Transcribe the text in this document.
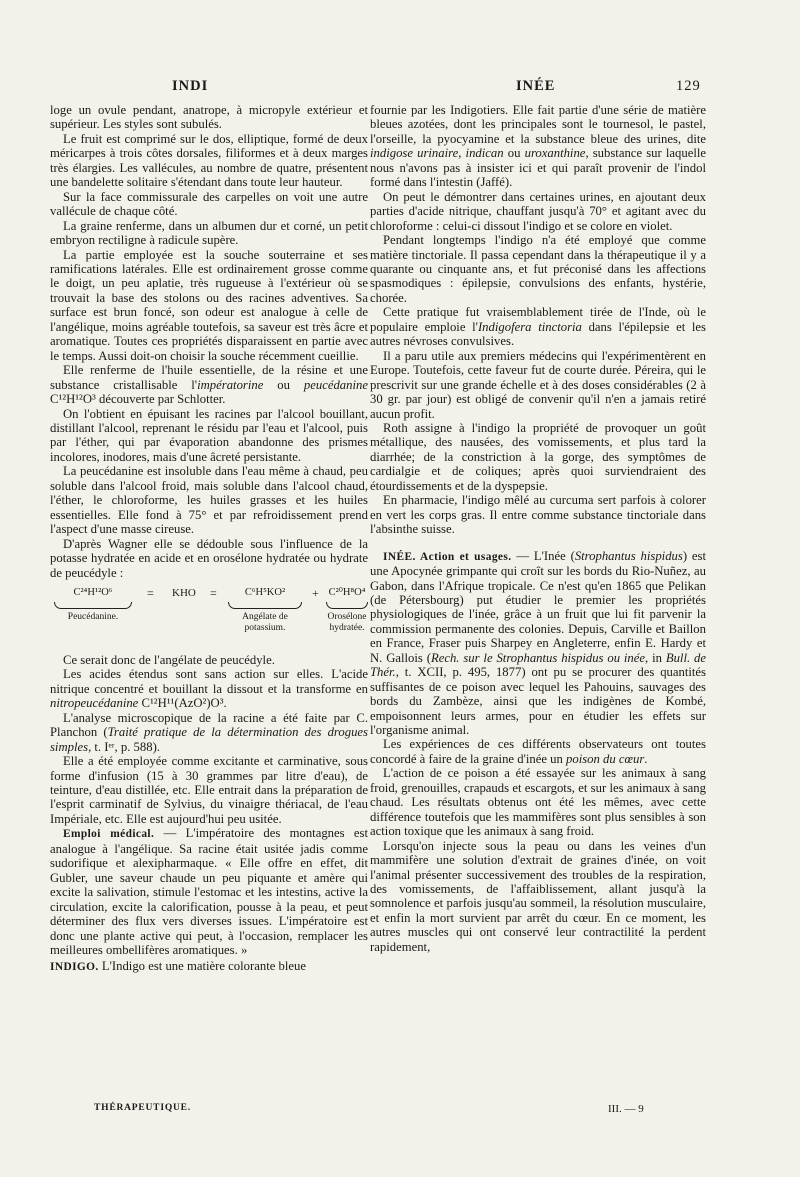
INDI	INÉE	129

loge un ovule pendant, anatrope, à micropyle extérieur et supérieur. Les styles sont subulés.

Le fruit est comprimé sur le dos, elliptique, formé de deux méricarpes à trois côtes dorsales, filiformes et à deux marges très élargies. Les vallécules, au nombre de quatre, présentent une bandelette solitaire s'étendant dans toute leur hauteur.

Sur la face commissurale des carpelles on voit une autre vallécule de chaque côté.

La graine renferme, dans un albumen dur et corné, un petit embryon rectiligne à radicule supère.

La partie employée est la souche souterraine et ses ramifications latérales. Elle est ordinairement grosse comme le doigt, un peu aplatie, très rugueuse à l'extérieur où se trouvait la base des stolons ou des racines adventives. Sa surface est brun foncé, son odeur est analogue à celle de l'angélique, moins agréable toutefois, sa saveur est très âcre et aromatique. Toutes ces propriétés disparaissent en partie avec le temps. Aussi doit-on choisir la souche récemment cueillie.

Elle renferme de l'huile essentielle, de la résine et une substance cristallisable l'impératorine ou peucédanine C¹²H¹²O³ découverte par Schlotter.

On l'obtient en épuisant les racines par l'alcool bouillant, distillant l'alcool, reprenant le résidu par l'eau et l'alcool, puis par l'éther, qui par évaporation abandonne des prismes incolores, inodores, mais d'une âcreté persistante.

La peucédanine est insoluble dans l'eau même à chaud, peu soluble dans l'alcool froid, mais soluble dans l'alcool chaud, l'éther, le chloroforme, les huiles grasses et les huiles essentielles. Elle fond à 75° et par refroidissement prend l'aspect d'une masse cireuse.

D'après Wagner elle se dédouble sous l'influence de la potasse hydratée en acide et en orosélone hydratée ou hydrate de peucédyle :

C²⁴H¹²O⁶
Peucédanine.
= KHO =	C⁶H⁵KO²
Angélate de potassium.
+ C²⁰H⁸O⁴
Orosélone hydratée.

Ce serait donc de l'angélate de peucédyle.

Les acides étendus sont sans action sur elles. L'acide nitrique concentré et bouillant la dissout et la transforme en nitropeucédanine C¹²H¹¹(AzO²)O³.

L'analyse microscopique de la racine a été faite par C. Planchon (Traité pratique de la détermination des drogues simples, t. Iᵉʳ, p. 588).

Elle a été employée comme excitante et carminative, sous forme d'infusion (15 à 30 grammes par litre d'eau), de teinture, d'eau distillée, etc. Elle entrait dans la préparation de l'esprit carminatif de Sylvius, du vinaigre thériacal, de l'eau Impériale, etc. Elle est aujourd'hui peu usitée.

Emploi médical. — L'impératoire des montagnes est analogue à l'angélique. Sa racine était usitée jadis comme sudorifique et alexipharmaque. « Elle offre en effet, dit Gubler, une saveur chaude un peu piquante et amère qui excite la salivation, stimule l'estomac et les intestins, active la circulation, excite la calorification, pousse à la peau, et peut déterminer des flux vers diverses issues. L'impératoire est donc une plante active qui peut, à l'occasion, remplacer les meilleures ombellifères aromatiques. »

INDIGO. L'Indigo est une matière colorante bleue

fournie par les Indigotiers. Elle fait partie d'une série de matière bleues azotées, dont les principales sont le tournesol, le pastel, l'orseille, la pyocyamine et la substance bleue des urines, dite indigose urinaire, indican ou uroxanthine, substance sur laquelle nous n'avons pas à insister ici et qui paraît provenir de l'indol formé dans l'intestin (Jaffé).

On peut le démontrer dans certaines urines, en ajoutant deux parties d'acide nitrique, chauffant jusqu'à 70° et agitant avec du chloroforme : celui-ci dissout l'indigo et se colore en violet.

Pendant longtemps l'indigo n'a été employé que comme matière tinctoriale. Il passa cependant dans la thérapeutique il y a quarante ou cinquante ans, et fut préconisé dans les affections spasmodiques : épilepsie, convulsions des enfants, hystérie, chorée.

Cette pratique fut vraisemblablement tirée de l'Inde, où le populaire emploie l'Indigofera tinctoria dans l'épilepsie et les autres névroses convulsives.

Il a paru utile aux premiers médecins qui l'expérimentèrent en Europe. Toutefois, cette faveur fut de courte durée. Péreira, qui le prescrivit sur une grande échelle et à des doses considérables (2 à 30 gr. par jour) est obligé de convenir qu'il n'en a jamais retiré aucun profit.

Roth assigne à l'indigo la propriété de provoquer un goût métallique, des nausées, des vomissements, et plus tard la diarrhée; de la constriction à la gorge, des symptômes de cardialgie et de coliques; après quoi surviendraient des étourdissements et de la dyspepsie.

En pharmacie, l'indigo mêlé au curcuma sert parfois à colorer en vert les corps gras. Il entre comme substance tinctoriale dans l'absinthe suisse.

INÉE. Action et usages. — L'Inée (Strophantus hispidus) est une Apocynée grimpante qui croît sur les bords du Rio-Nuñez, au Gabon, dans l'Afrique tropicale. Ce n'est qu'en 1865 que Pelikan (de Pétersbourg) put étudier le premier les propriétés physiologiques de l'inée, grâce à un fruit que lui fit parvenir la commission permanente des colonies. Depuis, Carville et Baillon en France, Fraser puis Sharpey en Angleterre, enfin E. Hardy et N. Gallois (Rech. sur le Strophantus hispidus ou inée, in Bull. de Thér., t. XCII, p. 495, 1877) ont pu se procurer des quantités suffisantes de ce poison avec lequel les Pahouins, sauvages des bords du Zambèze, ainsi que les indigènes de Kombé, empoisonnent leurs armes, pour en étudier les effets sur l'organisme animal.

Les expériences de ces différents observateurs ont toutes concordé à faire de la graine d'inée un poison du cœur.

L'action de ce poison a été essayée sur les animaux à sang froid, grenouilles, crapauds et escargots, et sur les animaux à sang chaud. Les résultats obtenus ont été les mêmes, avec cette différence toutefois que les mammifères sont plus sensibles à son action toxique que les animaux à sang froid.

Lorsqu'on injecte sous la peau ou dans les veines d'un mammifère une solution d'extrait de graines d'inée, on voit l'animal présenter successivement des troubles de la respiration, des vomissements, de l'affaiblissement, allant jusqu'à la somnolence et parfois jusqu'au sommeil, la résolution musculaire, et enfin la mort survient par arrêt du cœur. En ce moment, les autres muscles qui ont conservé leur contractilité la perdent rapidement,

THÉRAPEUTIQUE.	III. — 9
